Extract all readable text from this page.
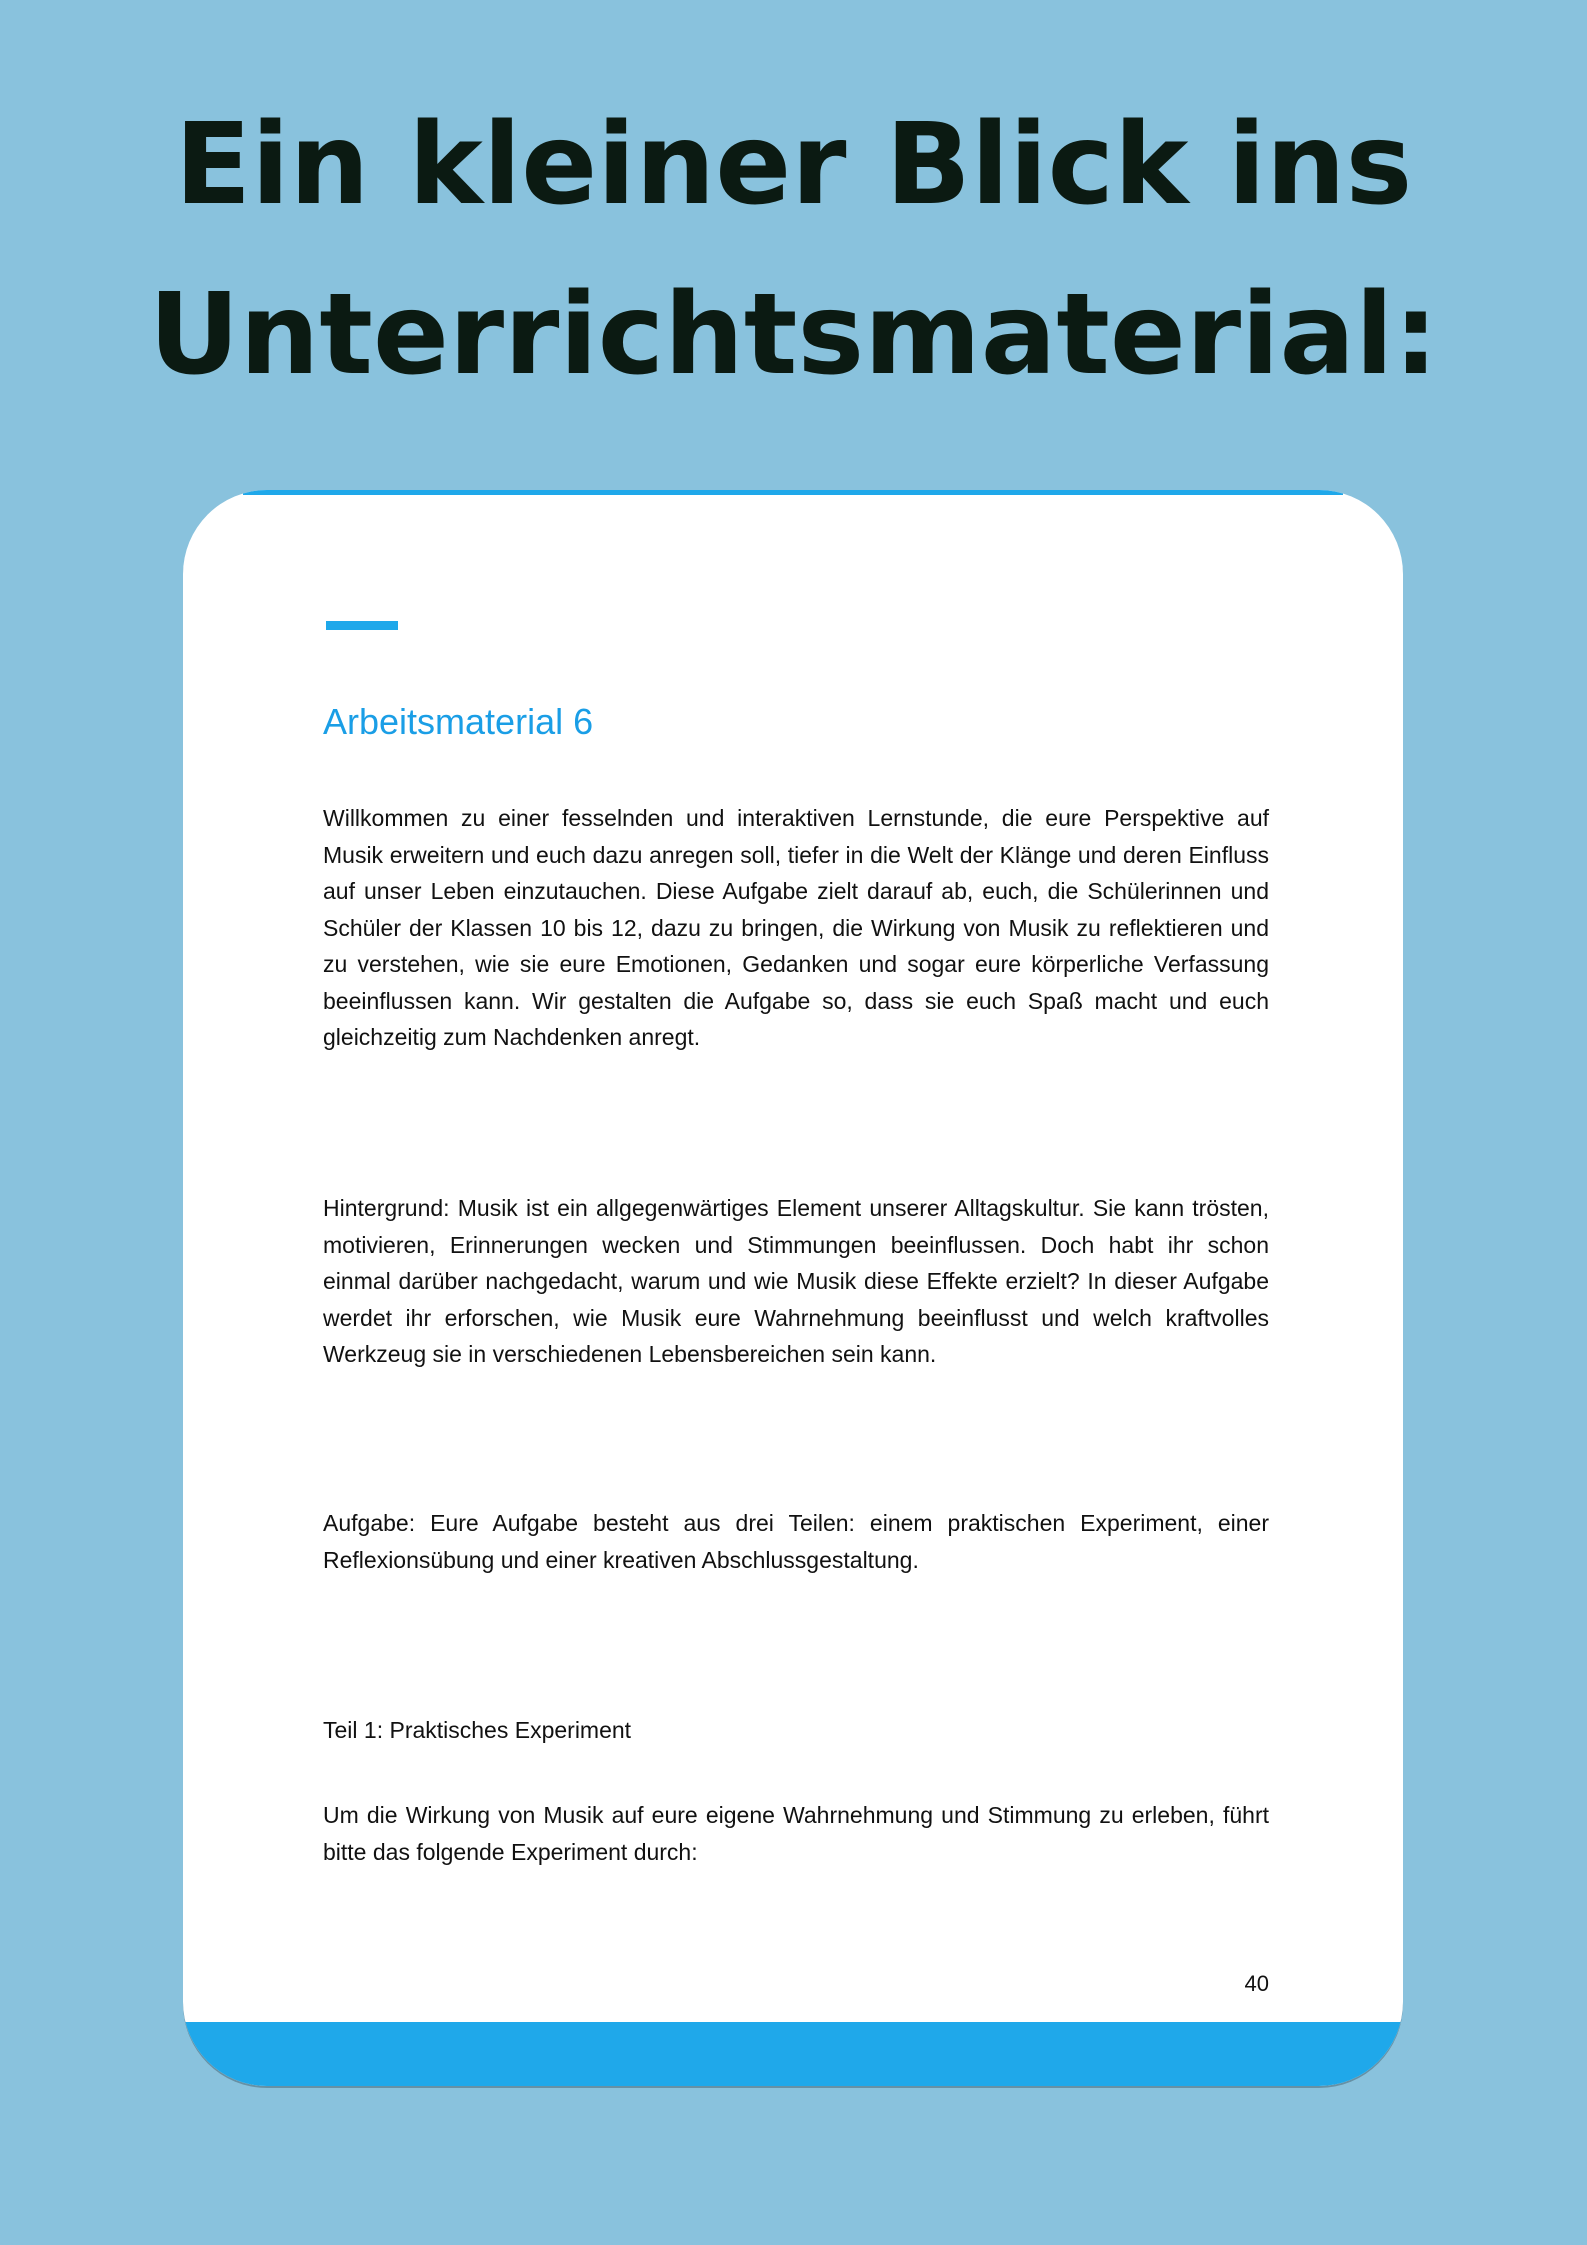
Ein kleiner Blick ins
Unterrichtsmaterial:
Arbeitsmaterial 6

Willkommen zu einer fesselnden und interaktiven Lernstunde, die eure Perspektive auf Musik erweitern und euch dazu anregen soll, tiefer in die Welt der Klänge und deren Einfluss auf unser Leben einzutauchen. Diese Aufgabe zielt darauf ab, euch, die Schülerinnen und Schüler der Klassen 10 bis 12, dazu zu bringen, die Wirkung von Musik zu reflektieren und zu verstehen, wie sie eure Emotionen, Gedanken und sogar eure körperliche Verfassung beeinflussen kann. Wir gestalten die Aufgabe so, dass sie euch Spaß macht und euch gleichzeitig zum Nachdenken anregt.

Hintergrund: Musik ist ein allgegenwärtiges Element unserer Alltagskultur. Sie kann trösten, motivieren, Erinnerungen wecken und Stimmungen beeinflussen. Doch habt ihr schon einmal darüber nachgedacht, warum und wie Musik diese Effekte erzielt? In dieser Aufgabe werdet ihr erforschen, wie Musik eure Wahrnehmung beeinflusst und welch kraftvolles Werkzeug sie in verschiedenen Lebensbereichen sein kann.

Aufgabe: Eure Aufgabe besteht aus drei Teilen: einem praktischen Experiment, einer Reflexionsübung und einer kreativen Abschlussgestaltung.

Teil 1: Praktisches Experiment

Um die Wirkung von Musik auf eure eigene Wahrnehmung und Stimmung zu erleben, führt bitte das folgende Experiment durch:

40
